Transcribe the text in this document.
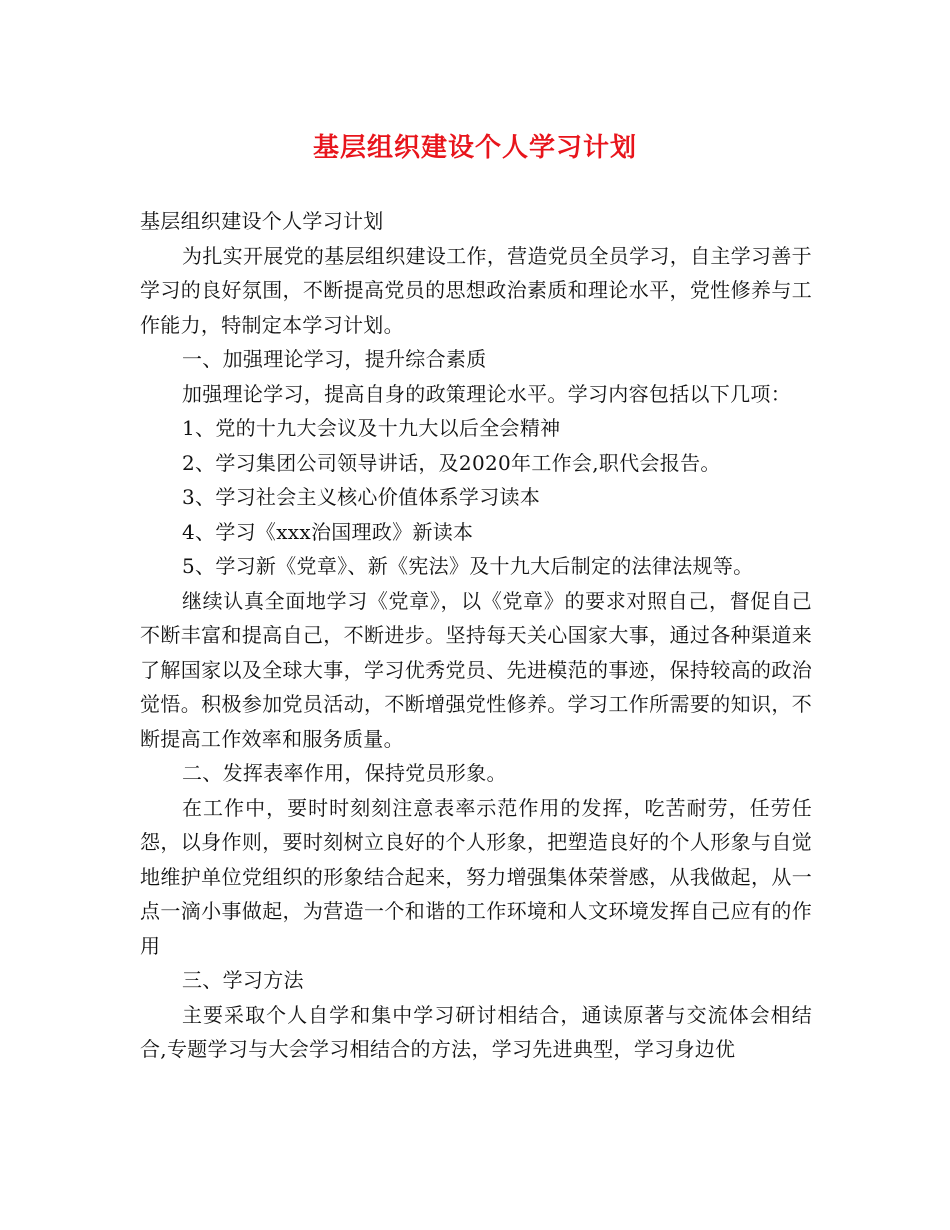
基层组织建设个人学习计划

基层组织建设个人学习计划

为扎实开展党的基层组织建设工作，营造党员全员学习，自主学习善于学习的良好氛围，不断提高党员的思想政治素质和理论水平，党性修养与工作能力，特制定本学习计划。

一、加强理论学习，提升综合素质

加强理论学习，提高自身的政策理论水平。学习内容包括以下几项：

1、党的十九大会议及十九大以后全会精神

2、学习集团公司领导讲话，及2020年工作会,职代会报告。

3、学习社会主义核心价值体系学习读本

4、学习《xxx治国理政》新读本

5、学习新《党章》、新《宪法》及十九大后制定的法律法规等。

继续认真全面地学习《党章》，以《党章》的要求对照自己，督促自己不断丰富和提高自己，不断进步。坚持每天关心国家大事，通过各种渠道来了解国家以及全球大事，学习优秀党员、先进模范的事迹，保持较高的政治觉悟。积极参加党员活动，不断增强党性修养。学习工作所需要的知识，不断提高工作效率和服务质量。

二、发挥表率作用，保持党员形象。

在工作中，要时时刻刻注意表率示范作用的发挥，吃苦耐劳，任劳任怨，以身作则，要时刻树立良好的个人形象，把塑造良好的个人形象与自觉地维护单位党组织的形象结合起来，努力增强集体荣誉感，从我做起，从一点一滴小事做起，为营造一个和谐的工作环境和人文环境发挥自己应有的作用

三、学习方法

主要采取个人自学和集中学习研讨相结合，通读原著与交流体会相结合,专题学习与大会学习相结合的方法，学习先进典型，学习身边优
